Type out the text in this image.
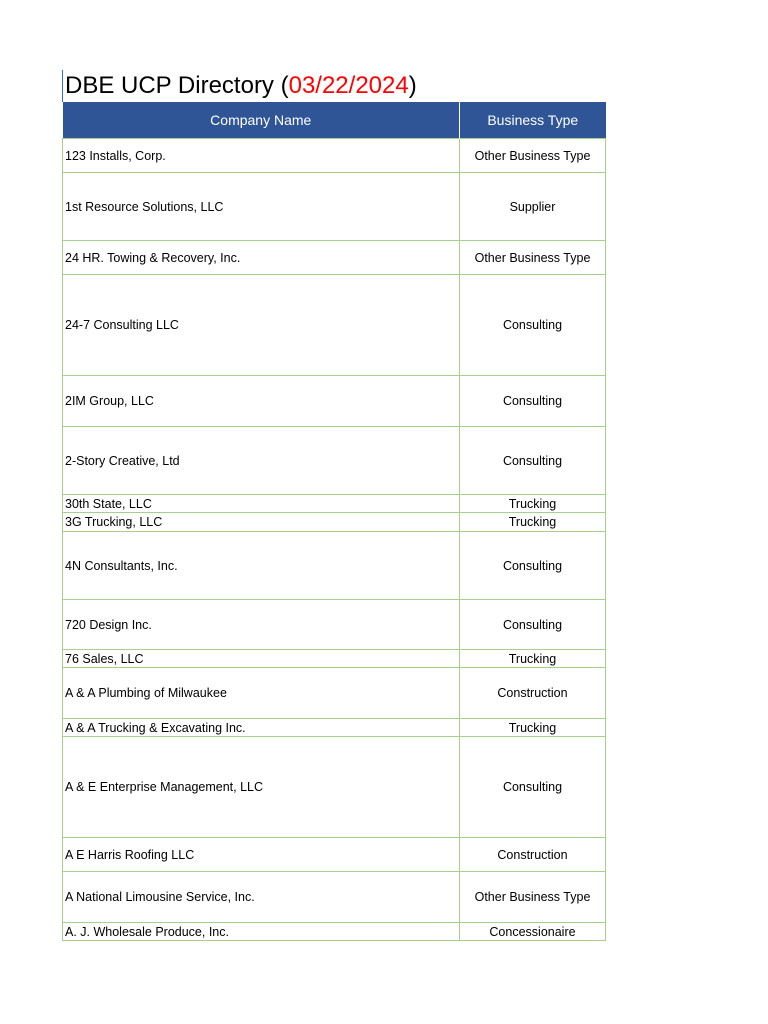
DBE UCP Directory (03/22/2024)
Company Name	Business Type
123 Installs, Corp.	Other Business Type
1st Resource Solutions, LLC	Supplier
24 HR. Towing & Recovery, Inc.	Other Business Type
24-7 Consulting LLC	Consulting
2IM Group, LLC	Consulting
2-Story Creative, Ltd	Consulting
30th State, LLC	Trucking
3G Trucking, LLC	Trucking
4N Consultants, Inc.	Consulting
720 Design Inc.	Consulting
76 Sales, LLC	Trucking
A & A Plumbing of Milwaukee	Construction
A & A Trucking & Excavating Inc.	Trucking
A & E Enterprise Management, LLC	Consulting
A E Harris Roofing LLC	Construction
A National Limousine Service, Inc.	Other Business Type
A. J. Wholesale Produce, Inc.	Concessionaire
